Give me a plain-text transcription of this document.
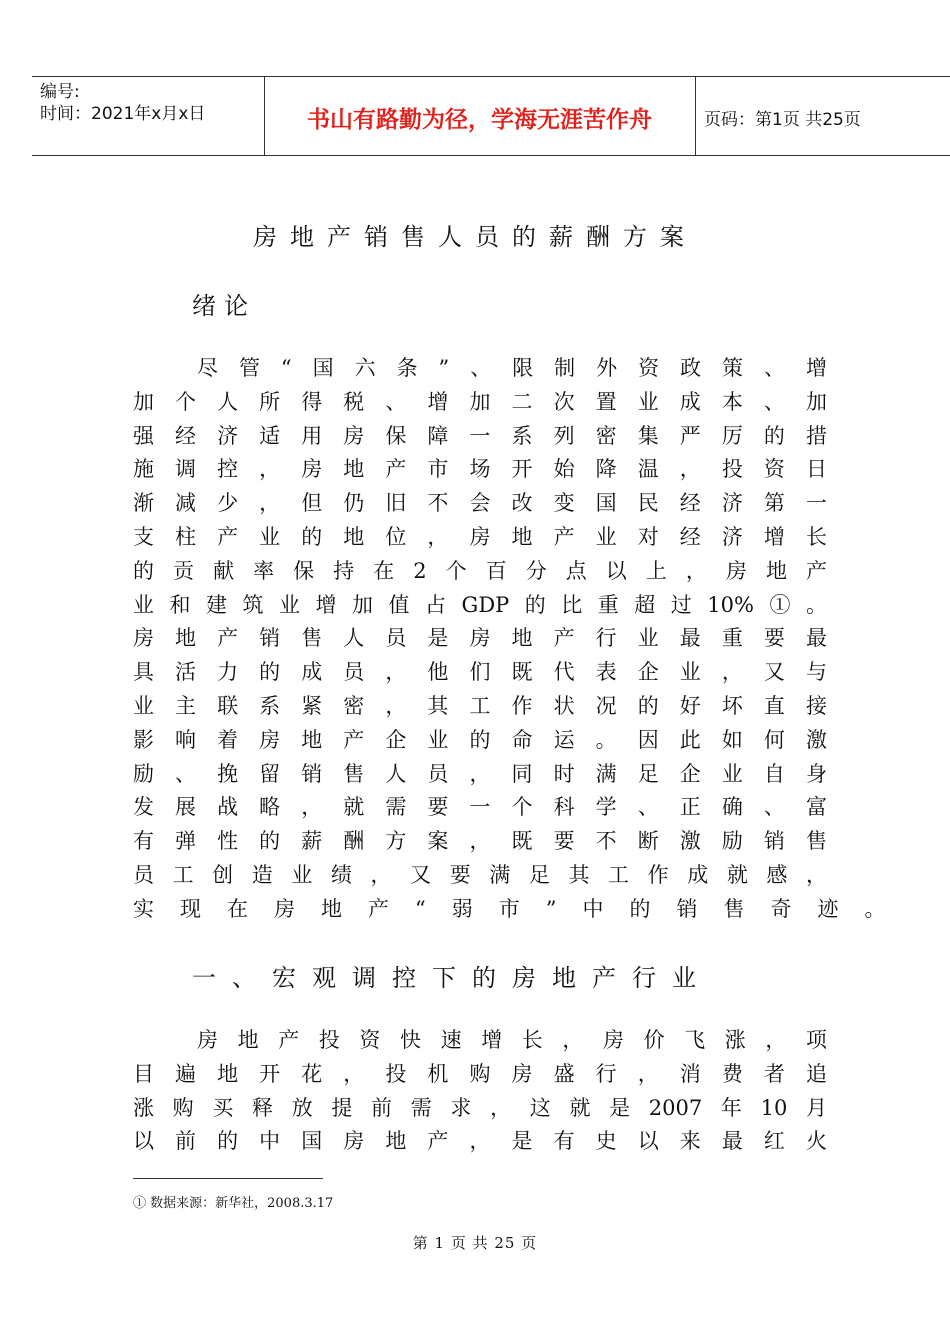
编号:
时间：2021年x月x日	书山有路勤为径，学海无涯苦作舟	页码：第1页 共25页
房地产销售人员的薪酬方案
绪论
尽管“国六条”、限制外资政策、增
加个人所得税、增加二次置业成本、加
强经济适用房保障一系列密集严厉的措
施调控，房地产市场开始降温，投资日
渐减少，但仍旧不会改变国民经济第一
支柱产业的地位，房地产业对经济增长
的贡献率保持在2个百分点以上，房地产
业和建筑业增加值占GDP的比重超过10%①。
房地产销售人员是房地产行业最重要最
具活力的成员，他们既代表企业，又与
业主联系紧密，其工作状况的好坏直接
影响着房地产企业的命运。因此如何激
励、挽留销售人员，同时满足企业自身
发展战略，就需要一个科学、正确、富
有弹性的薪酬方案，既要不断激励销售
员工创造业绩，又要满足其工作成就感，
实现在房地产“弱市”中的销售奇迹。
一、宏观调控下的房地产行业
房地产投资快速增长，房价飞涨，项
目遍地开花，投机购房盛行，消费者追
涨购买释放提前需求，这就是2007年10月
以前的中国房地产，是有史以来最红火
① 数据来源：新华社，2008.3.17
第 1 页 共 25 页
